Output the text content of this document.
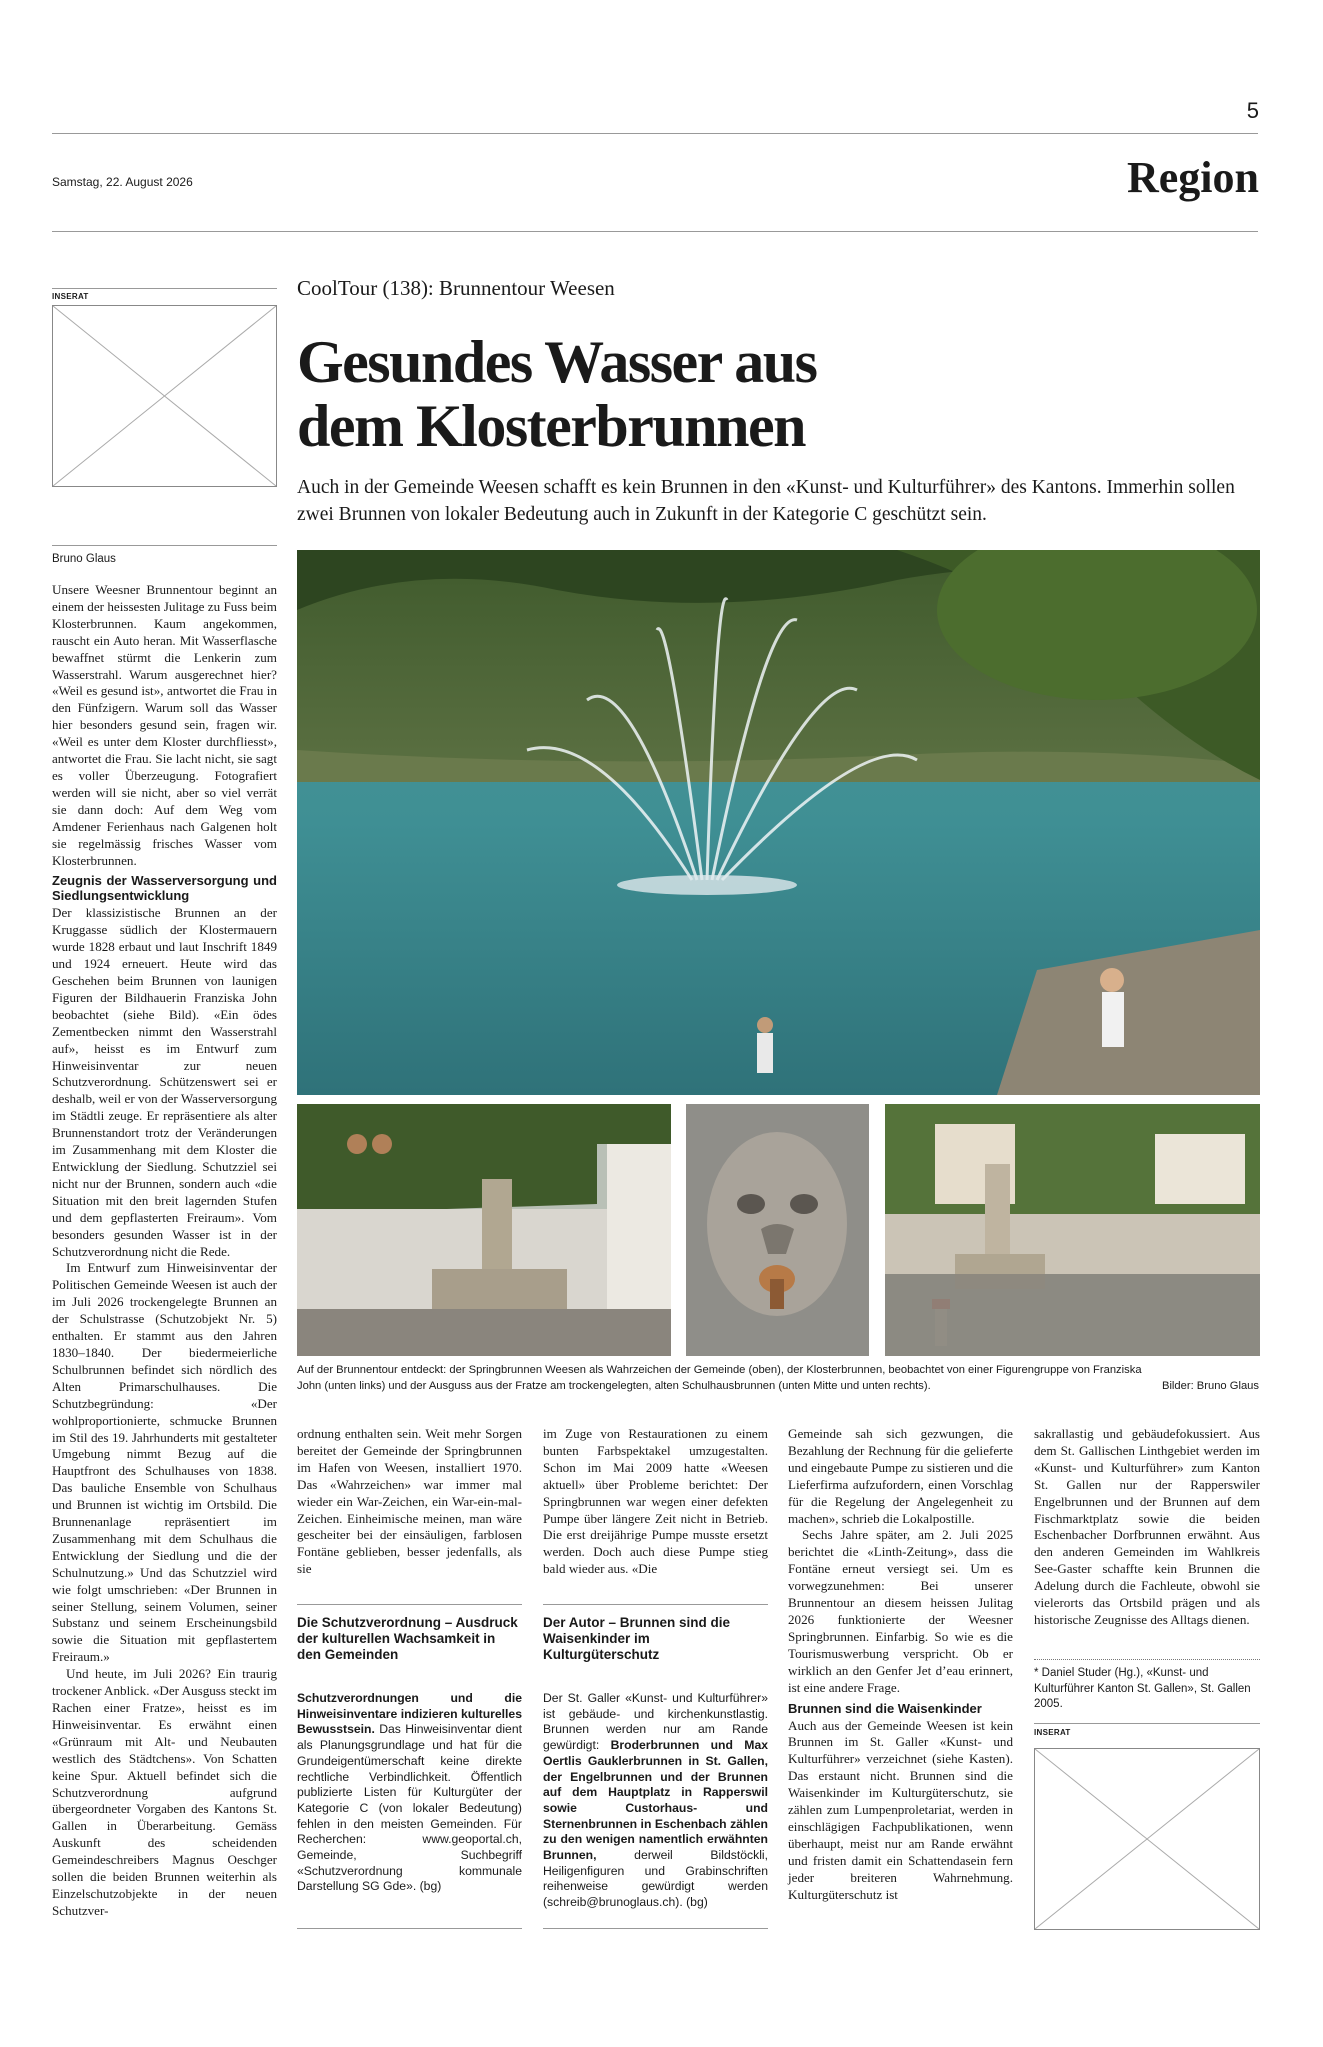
5
Samstag, 22. August 2026	Region
INSERAT	CoolTour (138): Brunnentour Weesen
Gesundes Wasser aus
dem Klosterbrunnen
Auch in der Gemeinde Weesen schafft es kein Brunnen in den «Kunst- und Kulturführer» des Kantons. Immerhin sollen zwei Brunnen von lokaler Bedeutung auch in Zukunft in der Kategorie C geschützt sein.
Bruno Glaus

Unsere Weesner Brunnentour beginnt an einem der heissesten Julitage zu Fuss beim Klosterbrunnen. Kaum angekommen, rauscht ein Auto heran. Mit Wasserflasche bewaffnet stürmt die Lenkerin zum Wasserstrahl. Warum ausgerechnet hier? «Weil es gesund ist», antwortet die Frau in den Fünfzigern. Warum soll das Wasser hier besonders gesund sein, fragen wir. «Weil es unter dem Kloster durchfliesst», antwortet die Frau. Sie lacht nicht, sie sagt es voller Überzeugung. Fotografiert werden will sie nicht, aber so viel verrät sie dann doch: Auf dem Weg vom Amdener Ferienhaus nach Galgenen holt sie regelmässig frisches Wasser vom Klosterbrunnen.

Zeugnis der Wasserversorgung und Siedlungsentwicklung

Der klassizistische Brunnen an der Kruggasse südlich der Klostermauern wurde 1828 erbaut und laut Inschrift 1849 und 1924 erneuert. Heute wird das Geschehen beim Brunnen von launigen Figuren der Bildhauerin Franziska John beobachtet (siehe Bild). «Ein ödes Zementbecken nimmt den Wasserstrahl auf», heisst es im Entwurf zum Hinweisinventar zur neuen Schutzverordnung. Schützenswert sei er deshalb, weil er von der Wasserversorgung im Städtli zeuge. Er repräsentiere als alter Brunnenstandort trotz der Veränderungen im Zusammenhang mit dem Kloster die Entwicklung der Siedlung. Schutzziel sei nicht nur der Brunnen, sondern auch «die Situation mit den breit lagernden Stufen und dem gepflasterten Freiraum». Vom besonders gesunden Wasser ist in der Schutzverordnung nicht die Rede.

Im Entwurf zum Hinweisinventar der Politischen Gemeinde Weesen ist auch der im Juli 2026 trockengelegte Brunnen an der Schulstrasse (Schutzobjekt Nr. 5) enthalten. Er stammt aus den Jahren 1830–1840. Der biedermeierliche Schulbrunnen befindet sich nördlich des Alten Primarschulhauses. Die Schutzbegründung: «Der wohlproportionierte, schmucke Brunnen im Stil des 19. Jahrhunderts mit gestalteter Umgebung nimmt Bezug auf die Hauptfront des Schulhauses von 1838. Das bauliche Ensemble von Schulhaus und Brunnen ist wichtig im Ortsbild. Die Brunnenanlage repräsentiert im Zusammenhang mit dem Schulhaus die Entwicklung der Siedlung und die der Schulnutzung.» Und das Schutzziel wird wie folgt umschrieben: «Der Brunnen in seiner Stellung, seinem Volumen, seiner Substanz und seinem Erscheinungsbild sowie die Situation mit gepflastertem Freiraum.»

Und heute, im Juli 2026? Ein traurig trockener Anblick. «Der Ausguss steckt im Rachen einer Fratze», heisst es im Hinweisinventar. Es erwähnt einen «Grünraum mit Alt- und Neubauten westlich des Städtchens». Von Schatten keine Spur. Aktuell befindet sich die Schutzverordnung aufgrund übergeordneter Vorgaben des Kantons St. Gallen in Überarbeitung. Gemäss Auskunft des scheidenden Gemeindeschreibers Magnus Oeschger sollen die beiden Brunnen weiterhin als Einzelschutzobjekte in der neuen Schutzver-

Auf der Brunnentour entdeckt: der Springbrunnen Weesen als Wahrzeichen der Gemeinde (oben), der Klosterbrunnen, beobachtet von einer Figurengruppe von Franziska John (unten links) und der Ausguss aus der Fratze am trockengelegten, alten Schulhausbrunnen (unten Mitte und unten rechts).	Bilder: Bruno Glaus

ordnung enthalten sein. Weit mehr Sorgen bereitet der Gemeinde der Springbrunnen im Hafen von Weesen, installiert 1970. Das «Wahrzeichen» war immer mal wieder ein War-Zeichen, ein War-ein-mal-Zeichen. Einheimische meinen, man wäre gescheiter bei der einsäuligen, farblosen Fontäne geblieben, besser jedenfalls, als sie

Die Schutzverordnung – Ausdruck der kulturellen Wachsamkeit in den Gemeinden

Schutzverordnungen und die Hinweisinventare indizieren kulturelles Bewusstsein. Das Hinweisinventar dient als Planungsgrundlage und hat für die Grundeigentümerschaft keine direkte rechtliche Verbindlichkeit. Öffentlich publizierte Listen für Kulturgüter der Kategorie C (von lokaler Bedeutung) fehlen in den meisten Gemeinden. Für Recherchen: www.geoportal.ch, Gemeinde, Suchbegriff «Schutzverordnung kommunale Darstellung SG Gde». (bg)

im Zuge von Restaurationen zu einem bunten Farbspektakel umzugestalten. Schon im Mai 2009 hatte «Weesen aktuell» über Probleme berichtet: Der Springbrunnen war wegen einer defekten Pumpe über längere Zeit nicht in Betrieb. Die erst dreijährige Pumpe musste ersetzt werden. Doch auch diese Pumpe stieg bald wieder aus. «Die

Der Autor – Brunnen sind die Waisenkinder im Kulturgüterschutz

Der St. Galler «Kunst- und Kulturführer» ist gebäude- und kirchenkunstlastig. Brunnen werden nur am Rande gewürdigt: Broderbrunnen und Max Oertlis Gauklerbrunnen in St. Gallen, der Engelbrunnen und der Brunnen auf dem Hauptplatz in Rapperswil sowie Custorhaus- und Sternenbrunnen in Eschenbach zählen zu den wenigen namentlich erwähnten Brunnen, derweil Bildstöckli, Heiligenfiguren und Grabinschriften reihenweise gewürdigt werden (schreib@brunoglaus.ch). (bg)

Gemeinde sah sich gezwungen, die Bezahlung der Rechnung für die gelieferte und eingebaute Pumpe zu sistieren und die Lieferfirma aufzufordern, einen Vorschlag für die Regelung der Angelegenheit zu machen», schrieb die Lokalpostille.

Sechs Jahre später, am 2. Juli 2025 berichtet die «Linth-Zeitung», dass die Fontäne erneut versiegt sei. Um es vorwegzunehmen: Bei unserer Brunnentour an diesem heissen Julitag 2026 funktionierte der Weesner Springbrunnen. Einfarbig. So wie es die Tourismuswerbung verspricht. Ob er wirklich an den Genfer Jet d’eau erinnert, ist eine andere Frage.

Brunnen sind die Waisenkinder

Auch aus der Gemeinde Weesen ist kein Brunnen im St. Galler «Kunst- und Kulturführer» verzeichnet (siehe Kasten). Das erstaunt nicht. Brunnen sind die Waisenkinder im Kulturgüterschutz, sie zählen zum Lumpenproletariat, werden in einschlägigen Fachpublikationen, wenn überhaupt, meist nur am Rande erwähnt und fristen damit ein Schattendasein fern jeder breiteren Wahrnehmung. Kulturgüterschutz ist

sakrallastig und gebäudefokussiert. Aus dem St. Gallischen Linthgebiet werden im «Kunst- und Kulturführer» zum Kanton St. Gallen nur der Rapperswiler Engelbrunnen und der Brunnen auf dem Fischmarktplatz sowie die beiden Eschenbacher Dorfbrunnen erwähnt. Aus den anderen Gemeinden im Wahlkreis See-Gaster schaffte kein Brunnen die Adelung durch die Fachleute, obwohl sie vielerorts das Ortsbild prägen und als historische Zeugnisse des Alltags dienen.

* Daniel Studer (Hg.), «Kunst- und Kulturführer Kanton St. Gallen», St. Gallen 2005.
INSERAT
